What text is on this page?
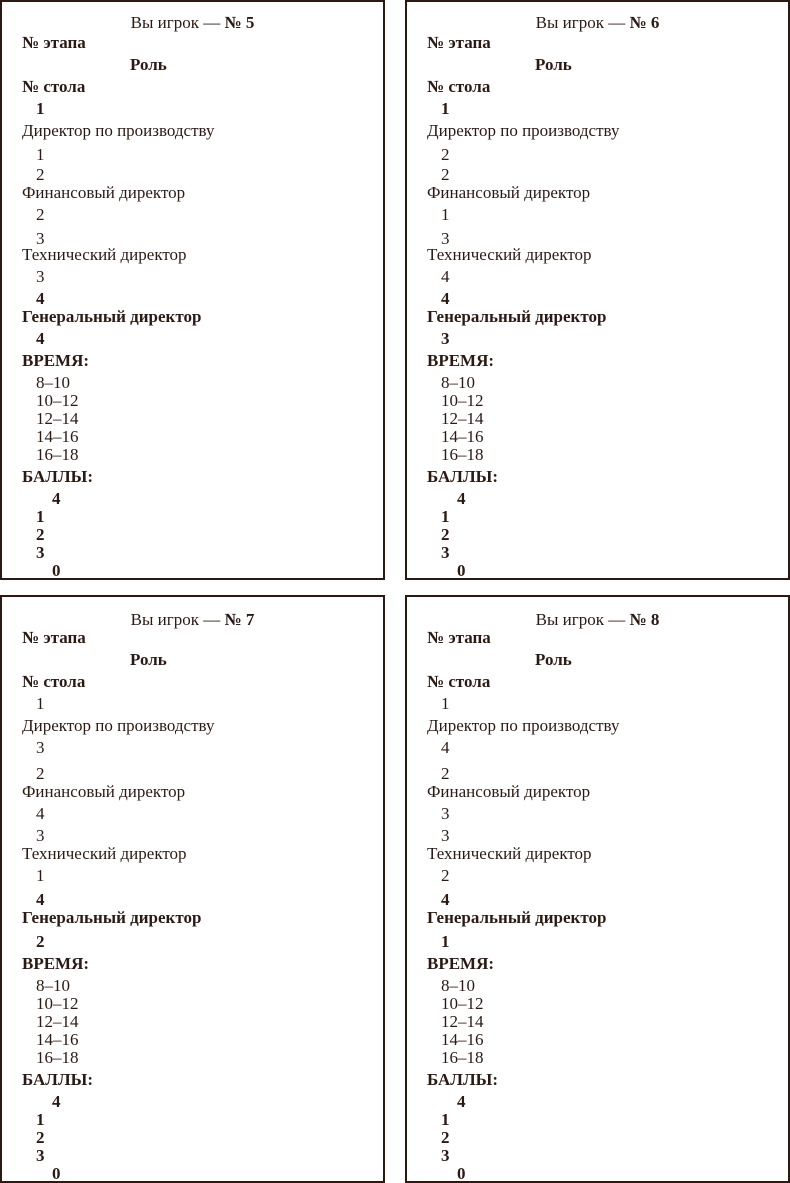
Вы игрок — № 5
№ этапа
Роль
№ стола
1
Директор по производству
1
2
Финансовый директор
2
3
Технический директор
3
4
Генеральный директор
4
ВРЕМЯ:
8–10
10–12
12–14
14–16
16–18
БАЛЛЫ:
4
1
2
3
0
Вы игрок — № 6
№ этапа
Роль
№ стола
1
Директор по производству
2
2
Финансовый директор
1
3
Технический директор
4
4
Генеральный директор
3
ВРЕМЯ:
8–10
10–12
12–14
14–16
16–18
БАЛЛЫ:
4
1
2
3
0
Вы игрок — № 7
№ этапа
Роль
№ стола
1
Директор по производству
3
2
Финансовый директор
4
3
Технический директор
1
4
Генеральный директор
2
ВРЕМЯ:
8–10
10–12
12–14
14–16
16–18
БАЛЛЫ:
4
1
2
3
0
Вы игрок — № 8
№ этапа
Роль
№ стола
1
Директор по производству
4
2
Финансовый директор
3
3
Технический директор
2
4
Генеральный директор
1
ВРЕМЯ:
8–10
10–12
12–14
14–16
16–18
БАЛЛЫ:
4
1
2
3
0
